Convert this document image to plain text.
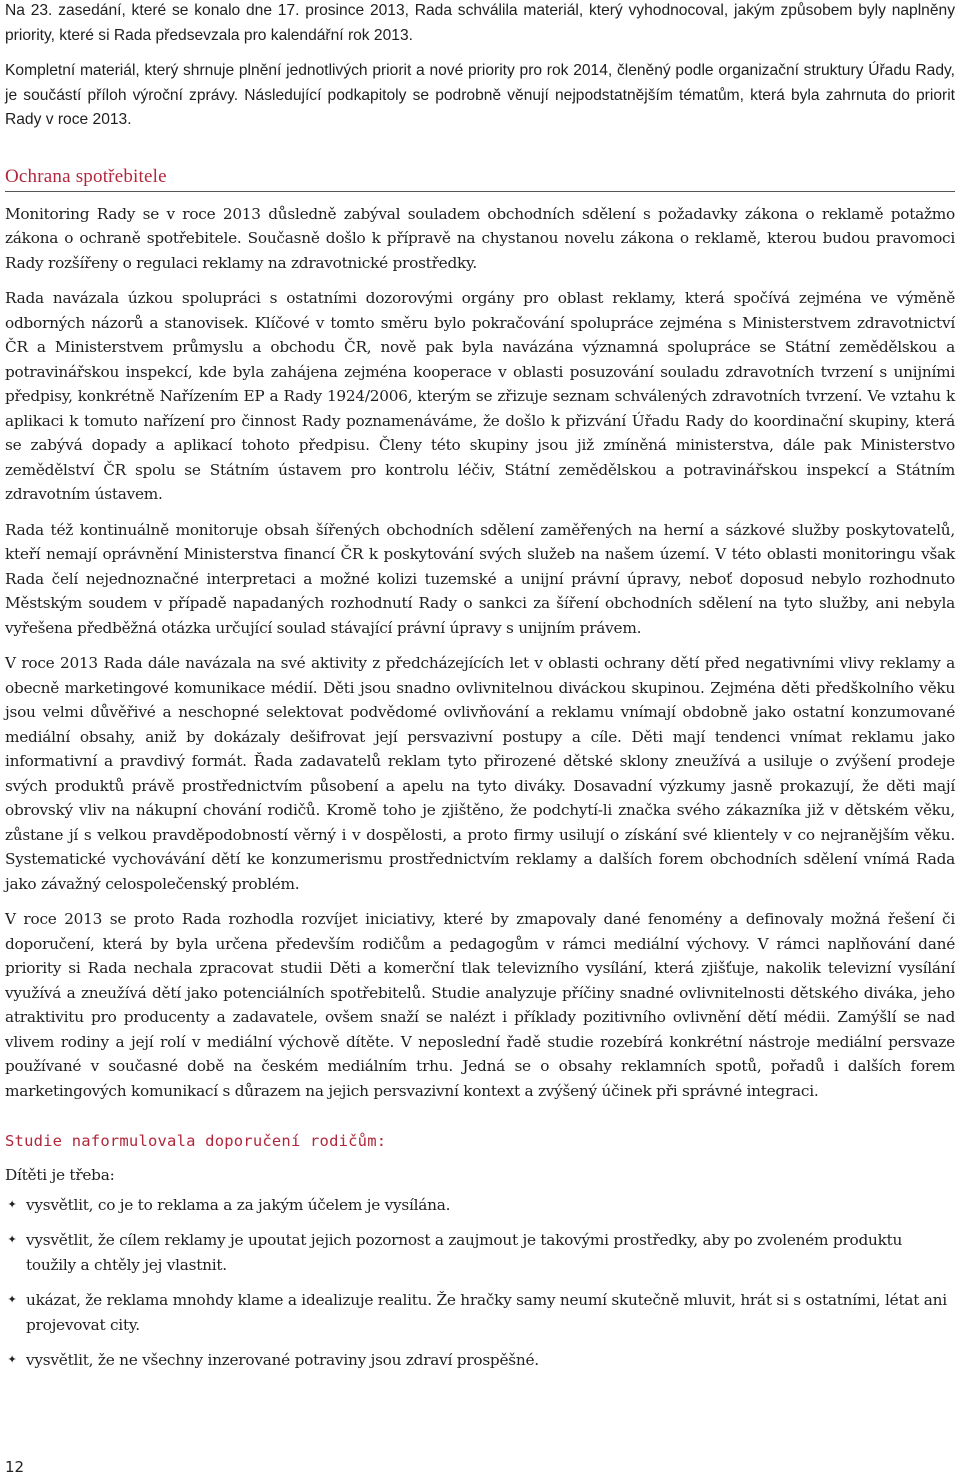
Na 23. zasedání, které se konalo dne 17. prosince 2013, Rada schválila materiál, který vyhodnocoval, jakým způsobem byly naplněny priority, které si Rada předsevzala pro kalendářní rok 2013.

Kompletní materiál, který shrnuje plnění jednotlivých priorit a nové priority pro rok 2014, členěný podle organizační struktury Úřadu Rady, je součástí příloh výroční zprávy. Následující podkapitoly se podrobně věnují nejpodstatnějším tématům, která byla zahrnuta do priorit Rady v roce 2013.

Ochrana spotřebitele

Monitoring Rady se v roce 2013 důsledně zabýval souladem obchodních sdělení s požadavky zákona o reklamě potažmo zákona o ochraně spotřebitele. Současně došlo k přípravě na chystanou novelu zákona o reklamě, kterou budou pravomoci Rady rozšířeny o regulaci reklamy na zdravotnické prostředky.

Rada navázala úzkou spolupráci s ostatními dozorovými orgány pro oblast reklamy, která spočívá zejména ve výměně odborných názorů a stanovisek. Klíčové v tomto směru bylo pokračování spolupráce zejména s Ministerstvem zdravotnictví ČR a Ministerstvem průmyslu a obchodu ČR, nově pak byla navázána významná spolupráce se Státní zemědělskou a potravinářskou inspekcí, kde byla zahájena zejména kooperace v oblasti posuzování souladu zdravotních tvrzení s unijními předpisy, konkrétně Nařízením EP a Rady 1924/2006, kterým se zřizuje seznam schválených zdravotních tvrzení. Ve vztahu k aplikaci k tomuto nařízení pro činnost Rady poznamenáváme, že došlo k přizvání Úřadu Rady do koordinační skupiny, která se zabývá dopady a aplikací tohoto předpisu. Členy této skupiny jsou již zmíněná ministerstva, dále pak Ministerstvo zemědělství ČR spolu se Státním ústavem pro kontrolu léčiv, Státní zemědělskou a potravinářskou inspekcí a Státním zdravotním ústavem.

Rada též kontinuálně monitoruje obsah šířených obchodních sdělení zaměřených na herní a sázkové služby poskytovatelů, kteří nemají oprávnění Ministerstva financí ČR k poskytování svých služeb na našem území. V této oblasti monitoringu však Rada čelí nejednoznačné interpretaci a možné kolizi tuzemské a unijní právní úpravy, neboť doposud nebylo rozhodnuto Městským soudem v případě napadaných rozhodnutí Rady o sankci za šíření obchodních sdělení na tyto služby, ani nebyla vyřešena předběžná otázka určující soulad stávající právní úpravy s unijním právem.

V roce 2013 Rada dále navázala na své aktivity z předcházejících let v oblasti ochrany dětí před negativními vlivy reklamy a obecně marketingové komunikace médií. Děti jsou snadno ovlivnitelnou diváckou skupinou. Zejména děti předškolního věku jsou velmi důvěřivé a neschopné selektovat podvědomé ovlivňování a reklamu vnímají obdobně jako ostatní konzumované mediální obsahy, aniž by dokázaly dešifrovat její persvazivní postupy a cíle. Děti mají tendenci vnímat reklamu jako informativní a pravdivý formát. Řada zadavatelů reklam tyto přirozené dětské sklony zneužívá a usiluje o zvýšení prodeje svých produktů právě prostřednictvím působení a apelu na tyto diváky. Dosavadní výzkumy jasně prokazují, že děti mají obrovský vliv na nákupní chování rodičů. Kromě toho je zjištěno, že podchytí-li značka svého zákazníka již v dětském věku, zůstane jí s velkou pravděpodobností věrný i v dospělosti, a proto firmy usilují o získání své klientely v co nejranějším věku. Systematické vychovávání dětí ke konzumerismu prostřednictvím reklamy a dalších forem obchodních sdělení vnímá Rada jako závažný celospolečenský problém.

V roce 2013 se proto Rada rozhodla rozvíjet iniciativy, které by zmapovaly dané fenomény a definovaly možná řešení či doporučení, která by byla určena především rodičům a pedagogům v rámci mediální výchovy. V rámci naplňování dané priority si Rada nechala zpracovat studii Děti a komerční tlak televizního vysílání, která zjišťuje, nakolik televizní vysílání využívá a zneužívá dětí jako potenciálních spotřebitelů. Studie analyzuje příčiny snadné ovlivnitelnosti dětského diváka, jeho atraktivitu pro producenty a zadavatele, ovšem snaží se nalézt i příklady pozitivního ovlivnění dětí médii. Zamýšlí se nad vlivem rodiny a její rolí v mediální výchově dítěte. V neposlední řadě studie rozebírá konkrétní nástroje mediální persvaze používané v současné době na českém mediálním trhu. Jedná se o obsahy reklamních spotů, pořadů i dalších forem marketingových komunikací s důrazem na jejich persvazivní kontext a zvýšený účinek při správné integraci.

Studie naformulovala doporučení rodičům:

Dítěti je třeba:

✦ vysvětlit, co je to reklama a za jakým účelem je vysílána.
✦ vysvětlit, že cílem reklamy je upoutat jejich pozornost a zaujmout je takovými prostředky, aby po zvoleném produktu toužily a chtěly jej vlastnit.
✦ ukázat, že reklama mnohdy klame a idealizuje realitu. Že hračky samy neumí skutečně mluvit, hrát si s ostatními, létat ani projevovat city.
✦ vysvětlit, že ne všechny inzerované potraviny jsou zdraví prospěšné.
12
